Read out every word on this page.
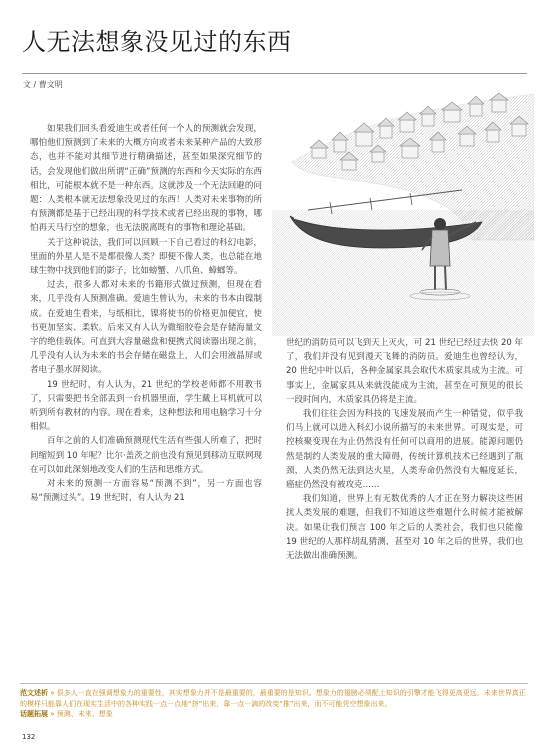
人无法想象没见过的东西
文 / 曹文明

如果我们回头看爱迪生或者任何一个人的预测就会发现，哪怕他们预测到了未来的大概方向或者未来某种产品的大致形态，也并不能对其细节进行精确描述，甚至如果深究细节的话，会发现他们做出所谓“正确”预测的东西和今天实际的东西相比，可能根本就不是一种东西。这就涉及一个无法回避的问题：人类根本就无法想象没见过的东西！人类对未来事物的所有预测都是基于已经出现的科学技术或者已经出现的事物，哪怕再天马行空的想象，也无法脱离既有的事物和理论基础。

关于这种说法，我们可以回顾一下自己看过的科幻电影，里面的外星人是不是都很像人类？即便不像人类，也总能在地球生物中找到他们的影子，比如螃蟹、八爪鱼、蟑螂等。

过去，很多人都对未来的书籍形式做过预测，但现在看来，几乎没有人预测准确。爱迪生曾认为，未来的书本由镍制成。在爱迪生看来，与纸相比，镍将使书的价格更加便宜，使书更加坚实、柔软。后来又有人认为微缩胶卷会是存储海量文字的绝佳载体。可直到大容量磁盘和便携式阅读器出现之前，几乎没有人认为未来的书会存储在磁盘上，人们会用液晶屏或者电子墨水屏阅读。

19 世纪时，有人认为，21 世纪的学校老师都不用教书了，只需要把书全部丢到一台机器里面，学生戴上耳机就可以听到所有教材的内容。现在看来，这种想法和用电脑学习十分相似。

百年之前的人们准确预测现代生活有些强人所难了，把时间缩短到 10 年呢？比尔·盖茨之前也没有预见到移动互联网现在可以如此深刻地改变人们的生活和思维方式。

对未来的预测一方面容易“预测不到”，另一方面也容易“预测过头”。19 世纪时，有人认为 21

世纪的消防员可以飞到天上灭火，可 21 世纪已经过去快 20 年了，我们并没有见到漫天飞舞的消防员。爱迪生也曾经认为，20 世纪中叶以后，各种金属家具会取代木质家具成为主流。可事实上，金属家具从来就没能成为主流，甚至在可预见的很长一段时间内，木质家具仍将是主流。

我们往往会因为科技的飞速发展而产生一种错觉，似乎我们马上就可以进入科幻小说所描写的未来世界。可现实是，可控核聚变现在为止仍然没有任何可以商用的进展。能源问题仍然是制约人类发展的重大障碍，传统计算机技术已经遇到了瓶颈，人类仍然无法到达火星，人类寿命仍然没有大幅度延长，癌症仍然没有被攻克……

我们知道，世界上有无数优秀的人才正在努力解决这些困扰人类发展的难题，但我们不知道这些难题什么时候才能被解决。如果让我们预言 100 年之后的人类社会，我们也只能像 19 世纪的人那样胡乱猜测，甚至对 10 年之后的世界，我们也无法做出准确预测。

范文述析 » 很多人一直在强调想象力的重要性，其实想象力并不是最重要的，最重要的是知识。想象力的翅膀必须配上知识的引擎才能飞得更高更远，未来世界真正的模样只能靠人们在现实生活中的各种实践一点一点地“挤”出来，靠一点一滴的改变“推”出来，而不可能凭空想象出来。

话题拓展 » 预测、未来、想象

132
